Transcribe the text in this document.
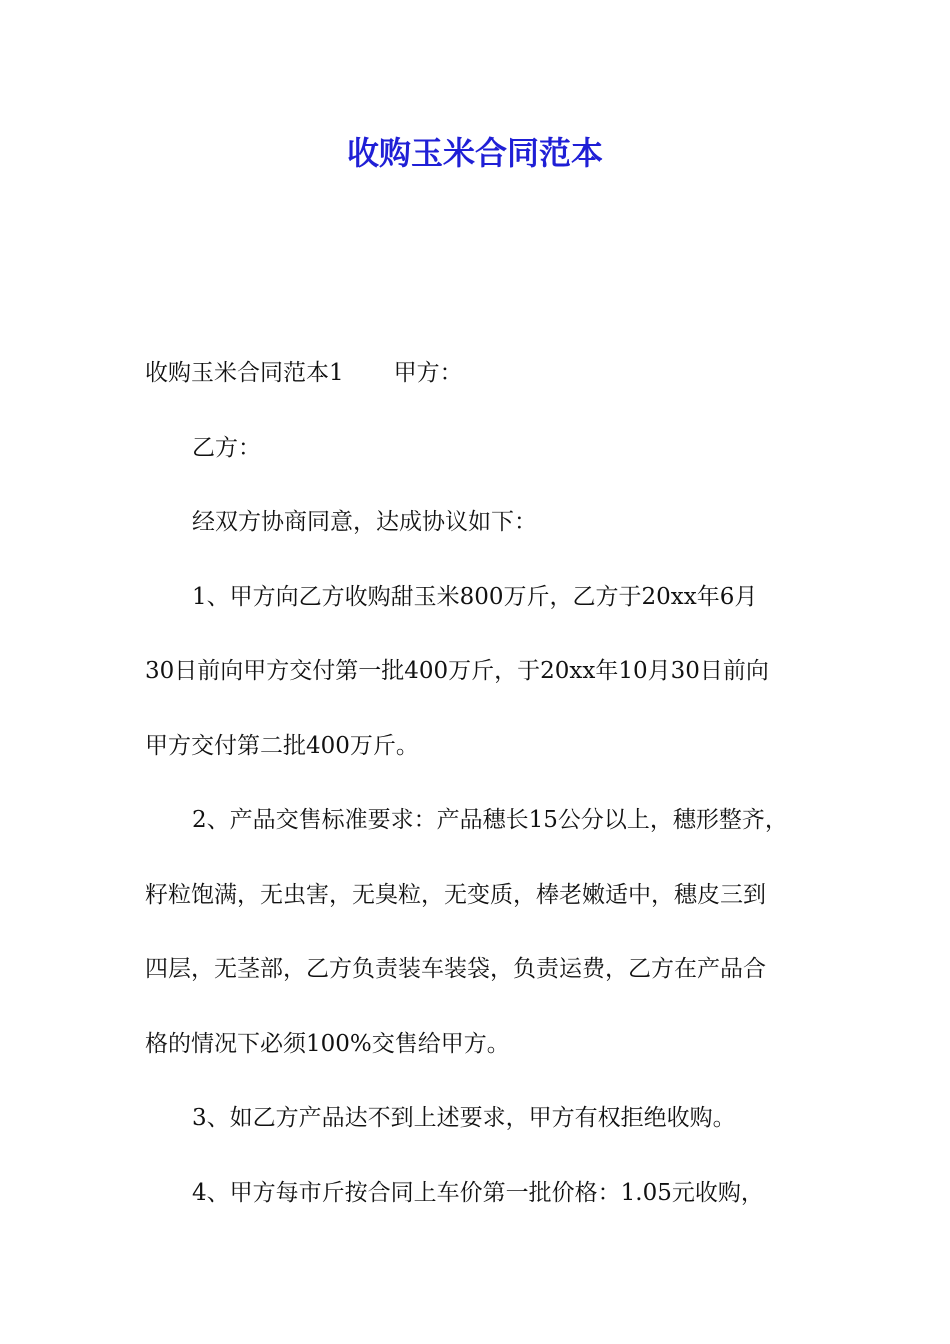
收购玉米合同范本
收购玉米合同范本1 甲方：
乙方：
经双方协商同意，达成协议如下：
1、甲方向乙方收购甜玉米800万斤，乙方于20xx年6月
30日前向甲方交付第一批400万斤，于20xx年10月30日前向
甲方交付第二批400万斤。
2、产品交售标准要求：产品穗长15公分以上，穗形整齐，
籽粒饱满，无虫害，无臭粒，无变质，棒老嫩适中，穗皮三到
四层，无茎部，乙方负责装车装袋，负责运费，乙方在产品合
格的情况下必须100%交售给甲方。
3、如乙方产品达不到上述要求，甲方有权拒绝收购。
4、甲方每市斤按合同上车价第一批价格：1.05元收购，
